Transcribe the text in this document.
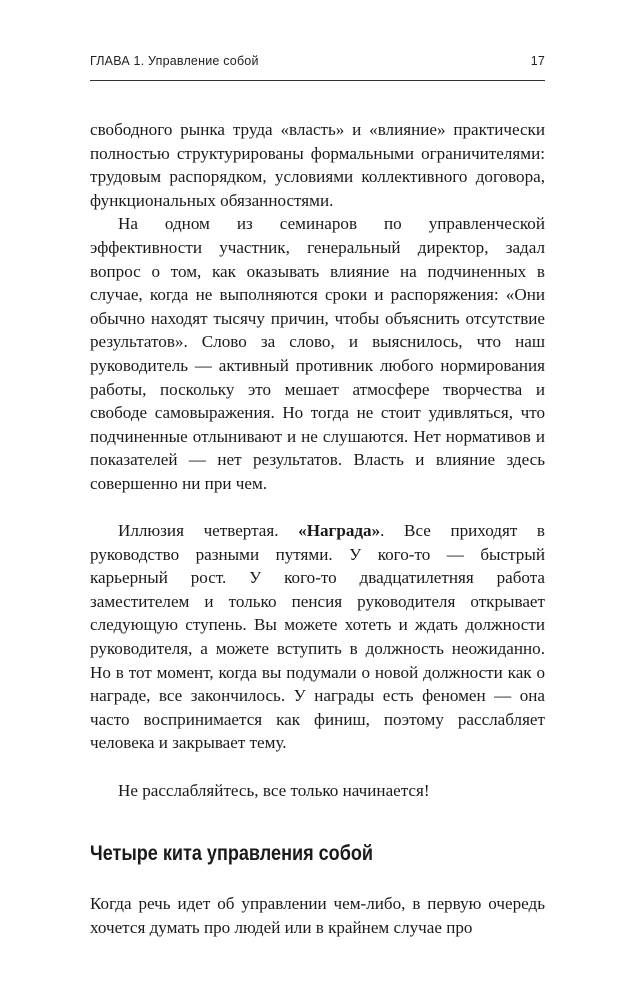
ГЛАВА 1. Управление собой	17

свободного рынка труда «власть» и «влияние» практически полностью структурированы формальными ограничителями: трудовым распорядком, условиями коллективного договора, функциональных обязанностями.

На одном из семинаров по управленческой эффективности участник, генеральный директор, задал вопрос о том, как оказывать влияние на подчиненных в случае, когда не выполняются сроки и распоряжения: «Они обычно находят тысячу причин, чтобы объяснить отсутствие результатов». Слово за слово, и выяснилось, что наш руководитель — активный противник любого нормирования работы, поскольку это мешает атмосфере творчества и свободе самовыражения. Но тогда не стоит удивляться, что подчиненные отлынивают и не слушаются. Нет нормативов и показателей — нет результатов. Власть и влияние здесь совершенно ни при чем.

Иллюзия четвертая. «Награда». Все приходят в руководство разными путями. У кого-то — быстрый карьерный рост. У кого-то двадцатилетняя работа заместителем и только пенсия руководителя открывает следующую ступень. Вы можете хотеть и ждать должности руководителя, а можете вступить в должность неожиданно. Но в тот момент, когда вы подумали о новой должности как о награде, все закончилось. У награды есть феномен — она часто воспринимается как финиш, поэтому расслабляет человека и закрывает тему.

Не расслабляйтесь, все только начинается!

Четыре кита управления собой

Когда речь идет об управлении чем-либо, в первую очередь хочется думать про людей или в крайнем случае про
